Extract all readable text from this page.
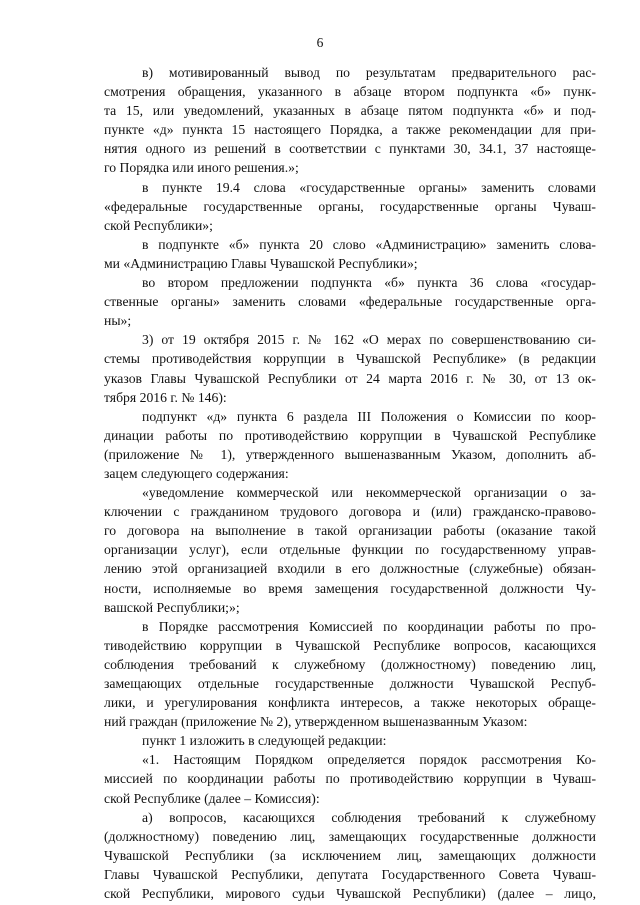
6
в) мотивированный вывод по результатам предварительного рас-
смотрения обращения, указанного в абзаце втором подпункта «б» пунк-
та 15, или уведомлений, указанных в абзаце пятом подпункта «б» и под-
пункте «д» пункта 15 настоящего Порядка, а также рекомендации для при-
нятия одного из решений в соответствии с пунктами 30, 34.1, 37 настояще-
го Порядка или иного решения.»;
в пункте 19.4 слова «государственные органы» заменить словами
«федеральные государственные органы, государственные органы Чуваш-
ской Республики»;
в подпункте «б» пункта 20 слово «Администрацию» заменить слова-
ми «Администрацию Главы Чувашской Республики»;
во втором предложении подпункта «б» пункта 36 слова «государ-
ственные органы» заменить словами «федеральные государственные орга-
ны»;
3) от 19 октября 2015 г. № 162 «О мерах по совершенствованию си-
стемы противодействия коррупции в Чувашской Республике» (в редакции
указов Главы Чувашской Республики от 24 марта 2016 г. № 30, от 13 ок-
тября 2016 г. № 146):
подпункт «д» пункта 6 раздела III Положения о Комиссии по коор-
динации работы по противодействию коррупции в Чувашской Республике
(приложение № 1), утвержденного вышеназванным Указом, дополнить аб-
зацем следующего содержания:
«уведомление коммерческой или некоммерческой организации о за-
ключении с гражданином трудового договора и (или) гражданско-правово-
го договора на выполнение в такой организации работы (оказание такой
организации услуг), если отдельные функции по государственному управ-
лению этой организацией входили в его должностные (служебные) обязан-
ности, исполняемые во время замещения государственной должности Чу-
вашской Республики;»;
в Порядке рассмотрения Комиссией по координации работы по про-
тиводействию коррупции в Чувашской Республике вопросов, касающихся
соблюдения требований к служебному (должностному) поведению лиц,
замещающих отдельные государственные должности Чувашской Респуб-
лики, и урегулирования конфликта интересов, а также некоторых обраще-
ний граждан (приложение № 2), утвержденном вышеназванным Указом:
пункт 1 изложить в следующей редакции:
«1. Настоящим Порядком определяется порядок рассмотрения Ко-
миссией по координации работы по противодействию коррупции в Чуваш-
ской Республике (далее – Комиссия):
а) вопросов, касающихся соблюдения требований к служебному
(должностному) поведению лиц, замещающих государственные должности
Чувашской Республики (за исключением лиц, замещающих должности
Главы Чувашской Республики, депутата Государственного Совета Чуваш-
ской Республики, мирового судьи Чувашской Республики) (далее – лицо,
